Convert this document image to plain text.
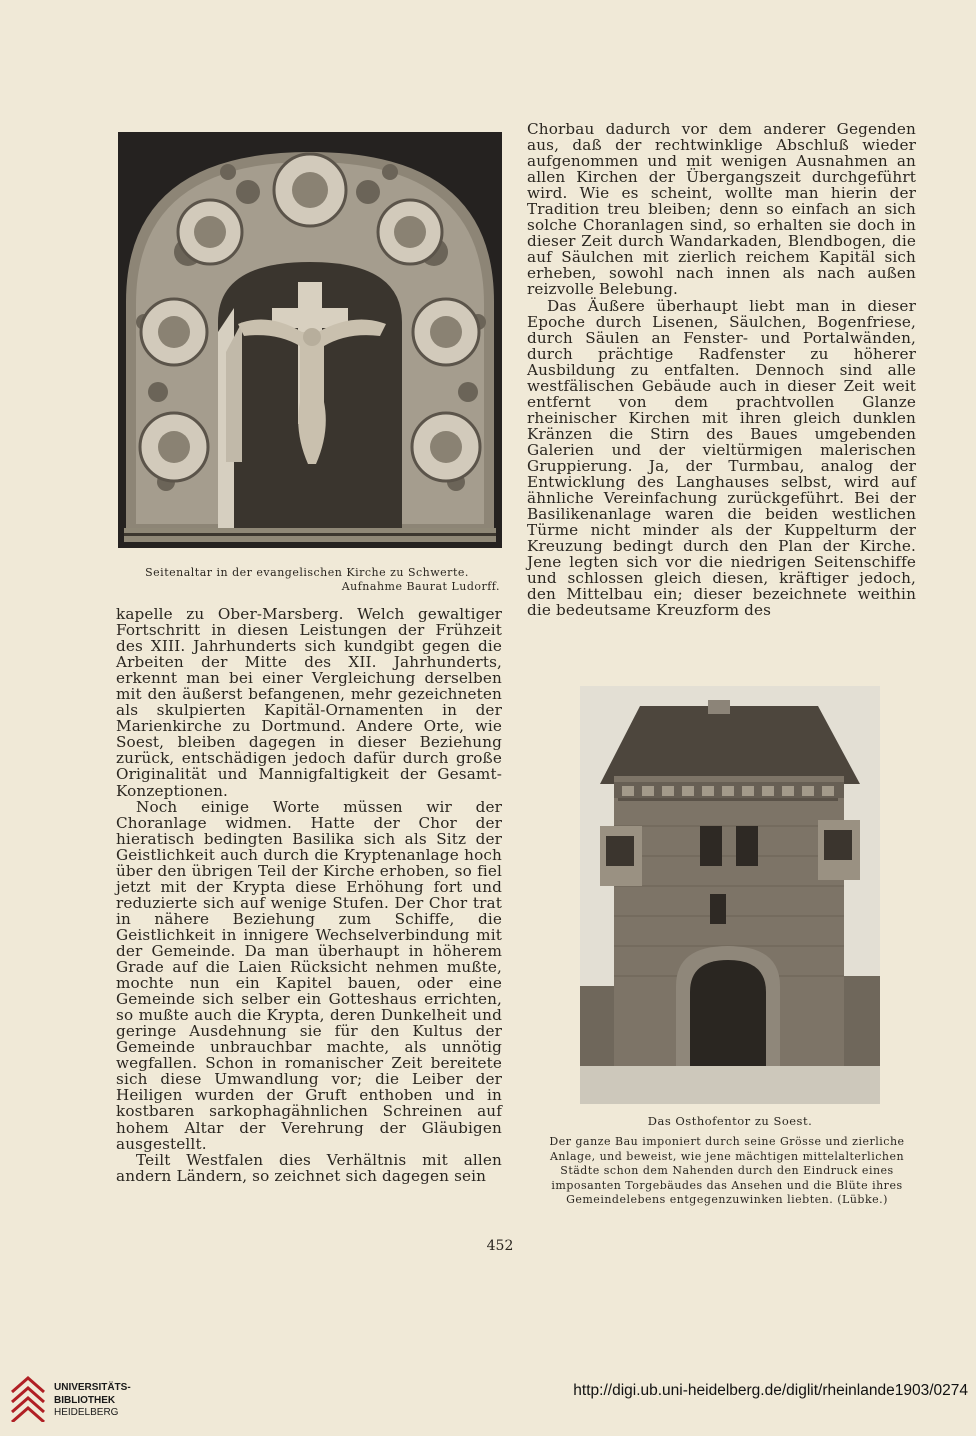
Seitenaltar in der evangelischen Kirche zu Schwerte.
Aufnahme Baurat Ludorff.

kapelle zu Ober-Marsberg. Welch gewaltiger Fortschritt in diesen Leistungen der Frühzeit des XIII. Jahrhunderts sich kundgibt gegen die Arbeiten der Mitte des XII. Jahrhunderts, erkennt man bei einer Vergleichung derselben mit den äußerst befangenen, mehr gezeichneten als skulpierten Kapitäl-Ornamenten in der Marienkirche zu Dortmund. Andere Orte, wie Soest, bleiben dagegen in dieser Beziehung zurück, entschädigen jedoch dafür durch große Originalität und Mannigfaltigkeit der Gesamt-Konzeptionen.

Noch einige Worte müssen wir der Choranlage widmen. Hatte der Chor der hieratisch bedingten Basilika sich als Sitz der Geistlichkeit auch durch die Kryptenanlage hoch über den übrigen Teil der Kirche erhoben, so fiel jetzt mit der Krypta diese Erhöhung fort und reduzierte sich auf wenige Stufen. Der Chor trat in nähere Beziehung zum Schiffe, die Geistlichkeit in innigere Wechselverbindung mit der Gemeinde. Da man überhaupt in höherem Grade auf die Laien Rücksicht nehmen mußte, mochte nun ein Kapitel bauen, oder eine Gemeinde sich selber ein Gotteshaus errichten, so mußte auch die Krypta, deren Dunkelheit und geringe Ausdehnung sie für den Kultus der Gemeinde unbrauchbar machte, als unnötig wegfallen. Schon in romanischer Zeit bereitete sich diese Umwandlung vor; die Leiber der Heiligen wurden der Gruft enthoben und in kostbaren sarkophagähnlichen Schreinen auf hohem Altar der Verehrung der Gläubigen ausgestellt.

Teilt Westfalen dies Verhältnis mit allen andern Ländern, so zeichnet sich dagegen sein

Chorbau dadurch vor dem anderer Gegenden aus, daß der rechtwinklige Abschluß wieder aufgenommen und mit wenigen Ausnahmen an allen Kirchen der Übergangszeit durchgeführt wird. Wie es scheint, wollte man hierin der Tradition treu bleiben; denn so einfach an sich solche Choranlagen sind, so erhalten sie doch in dieser Zeit durch Wandarkaden, Blendbogen, die auf Säulchen mit zierlich reichem Kapitäl sich erheben, sowohl nach innen als nach außen reizvolle Belebung.

Das Äußere überhaupt liebt man in dieser Epoche durch Lisenen, Säulchen, Bogenfriese, durch Säulen an Fenster- und Portalwänden, durch prächtige Radfenster zu höherer Ausbildung zu entfalten. Dennoch sind alle westfälischen Gebäude auch in dieser Zeit weit entfernt von dem prachtvollen Glanze rheinischer Kirchen mit ihren gleich dunklen Kränzen die Stirn des Baues umgebenden Galerien und der vieltürmigen malerischen Gruppierung. Ja, der Turmbau, analog der Entwicklung des Langhauses selbst, wird auf ähnliche Vereinfachung zurückgeführt. Bei der Basilikenanlage waren die beiden westlichen Türme nicht minder als der Kuppelturm der Kreuzung bedingt durch den Plan der Kirche. Jene legten sich vor die niedrigen Seitenschiffe und schlossen gleich diesen, kräftiger jedoch, den Mittelbau ein; dieser bezeichnete weithin die bedeutsame Kreuzform des

Das Osthofentor zu Soest.
Der ganze Bau imponiert durch seine Grösse und zierliche
Anlage, und beweist, wie jene mächtigen mittelalterlichen
Städte schon dem Nahenden durch den Eindruck eines
imposanten Torgebäudes das Ansehen und die Blüte ihres
Gemeindelebens entgegenzuwinken liebten. (Lübke.)
452
UNIVERSITÄTS-
BIBLIOTHEK
HEIDELBERG
http://digi.ub.uni-heidelberg.de/diglit/rheinlande1903/0274
